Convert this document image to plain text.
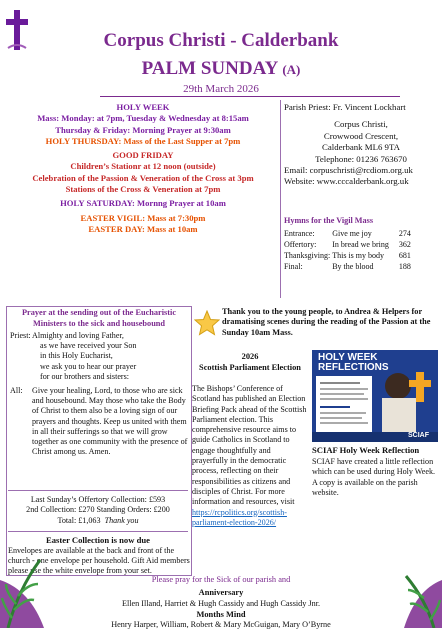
Corpus Christi - Calderbank
PALM SUNDAY (A)
29th March 2026
HOLY WEEK
Mass: Monday: at 7pm, Tuesday & Wednesday at 8:15am
Thursday & Friday: Morning Prayer at 9:30am
HOLY THURSDAY: Mass of the Last Supper at 7pm
GOOD FRIDAY
Children’s Stationr at 12 noon (outside)
Celebration of the Passion & Veneration of the Cross at 3pm
Stations of the Cross & Veneration at 7pm
HOLY SATURDAY: Mornng Prayer at 10am
EASTER VIGIL: Mass at 7:30pm
EASTER DAY: Mass at 10am
Parish Priest: Fr. Vincent Lockhart
Corpus Christi,
Crowwood Crescent,
Calderbank ML6 9TA
Telephone: 01236 763670
Email: corpuschristi@rcdiom.org.uk
Website: www.cccalderbank.org.uk
Hymns for the Vigil Mass
Entrance:	Give me joy	274
Offertory:	In bread we bring	362
Thanksgiving:	This is my body	681
Final:	By the blood	188
Prayer at the sending out of the Eucharistic Ministers to the sick and housebound
Priest: Almighty and loving Father,
as we have received your Son
in this Holy Eucharist,
we ask you to hear our prayer
for our brothers and sisters:
All:	Give your healing, Lord, to those who are sick and housebound. May those who take the Body of Christ to them also be a loving sign of our prayers and thoughts. Keep us united with them in all their sufferings so that we will grow together as one community with the presence of Christ among us. Amen.
Last Sunday’s Offertory Collection: £593
2nd Collection: £270 Standing Orders: £200
Total: £1,063 Thank you
Easter Collection is now due
Envelopes are available at the back and front of the church - one envelope per household. Gift Aid members please use the white envelope from your set.
Thank you to the young people, to Andrea & Helpers for dramatising scenes during the reading of the Passion at the Sunday 10am Mass.
2026
Scottish Parliament Election
The Bishops’ Conference of Scotland has published an Election Briefing Pack ahead of the Scottish Parliament election. This comprehensive resource aims to guide Catholics in Scotland to engage thoughtfully and prayerfully in the democratic process, reflecting on their responsibilities as citizens and disciples of Christ. For more information and resources, visit https://rcpolitics.org/scottish-parliament-election-2026/
HOLY WEEK
REFLECTIONS
SCIAF
SCIAF Holy Week Reflection
SCIAF have created a little reflection which can be used during Holy Week. A copy is available on the parish website.
Please pray for the Sick of our parish and
Anniversary
Ellen Illand, Harriet & Hugh Cassidy and Hugh Cassidy Jnr.
Months Mind
Henry Harper, William, Robert & Mary McGuigan, Mary O’Byrne
